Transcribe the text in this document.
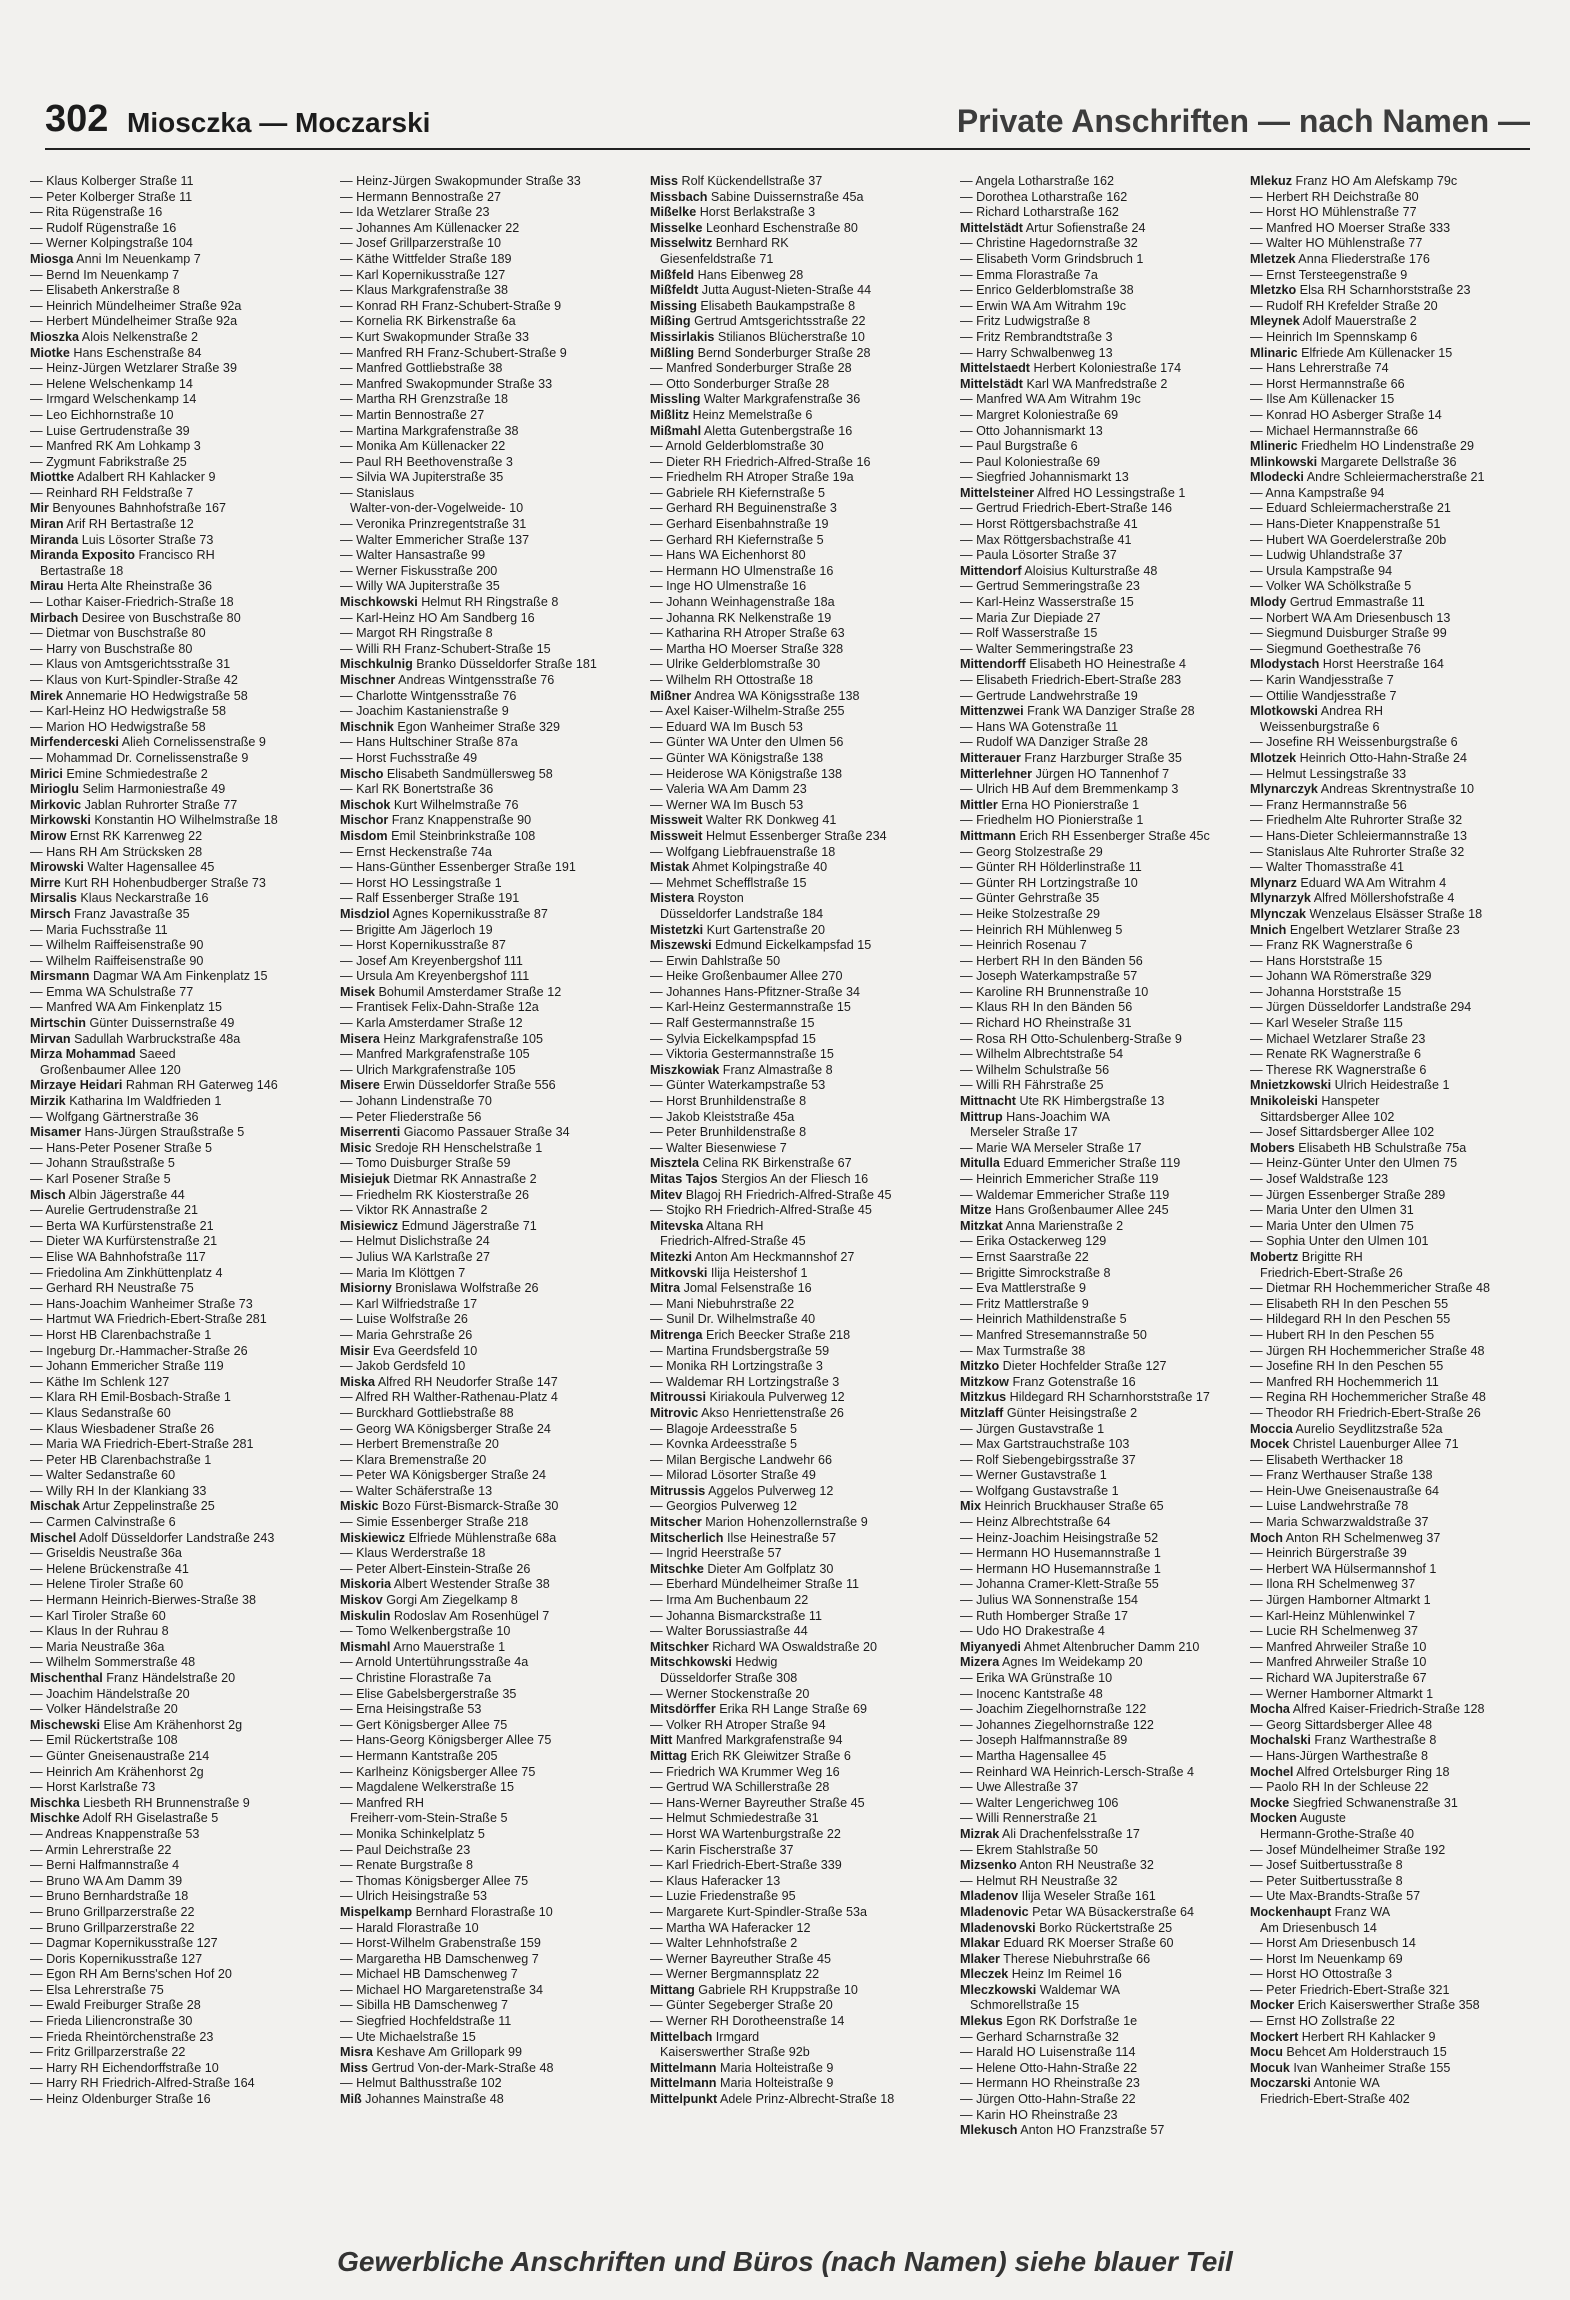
302 Miosczka — Moczarski	Private Anschriften — nach Namen —
— Klaus Kolberger Straße 11
— Peter Kolberger Straße 11
— Rita Rügenstraße 16
— Rudolf Rügenstraße 16
— Werner Kolpingstraße 104
Miosga Anni Im Neuenkamp 7
— Bernd Im Neuenkamp 7
— Elisabeth Ankerstraße 8
— Heinrich Mündelheimer Straße 92a
— Herbert Mündelheimer Straße 92a
Mioszka Alois Nelkenstraße 2
Miotke Hans Eschenstraße 84
— Heinz-Jürgen Wetzlarer Straße 39
— Helene Welschenkamp 14
— Irmgard Welschenkamp 14
— Leo Eichhornstraße 10
— Luise Gertrudenstraße 39
— Manfred RK Am Lohkamp 3
— Zygmunt Fabrikstraße 25
Miottke Adalbert RH Kahlacker 9
— Reinhard RH Feldstraße 7
Mir Benyounes Bahnhofstraße 167
Miran Arif RH Bertastraße 12
Miranda Luis Lösorter Straße 73
Miranda Exposito Francisco RH
Bertastraße 18
Mirau Herta Alte Rheinstraße 36
— Lothar Kaiser-Friedrich-Straße 18
Mirbach Desiree von Buschstraße 80
— Dietmar von Buschstraße 80
— Harry von Buschstraße 80
— Klaus von Amtsgerichtsstraße 31
— Klaus von Kurt-Spindler-Straße 42
Mirek Annemarie HO Hedwigstraße 58
— Karl-Heinz HO Hedwigstraße 58
— Marion HO Hedwigstraße 58
Mirfenderceski Alieh Cornelissenstraße 9
— Mohammad Dr. Cornelissenstraße 9
Mirici Emine Schmiedestraße 2
Mirioglu Selim Harmoniestraße 49
Mirkovic Jablan Ruhrorter Straße 77
Mirkowski Konstantin HO Wilhelmstraße 18
Mirow Ernst RK Karrenweg 22
— Hans RH Am Strücksken 28
Mirowski Walter Hagensallee 45
Mirre Kurt RH Hohenbudberger Straße 73
Mirsalis Klaus Neckarstraße 16
Mirsch Franz Javastraße 35
— Maria Fuchsstraße 11
— Wilhelm Raiffeisenstraße 90
— Wilhelm Raiffeisenstraße 90
Mirsmann Dagmar WA Am Finkenplatz 15
— Emma WA Schulstraße 77
— Manfred WA Am Finkenplatz 15
Mirtschin Günter Duissernstraße 49
Mirvan Sadullah Warbruckstraße 48a
Mirza Mohammad Saeed
Großenbaumer Allee 120
Mirzaye Heidari Rahman RH Gaterweg 146
Mirzik Katharina Im Waldfrieden 1
— Wolfgang Gärtnerstraße 36
Misamer Hans-Jürgen Straußstraße 5
— Hans-Peter Posener Straße 5
— Johann Straußstraße 5
— Karl Posener Straße 5
Misch Albin Jägerstraße 44
— Aurelie Gertrudenstraße 21
— Berta WA Kurfürstenstraße 21
— Dieter WA Kurfürstenstraße 21
— Elise WA Bahnhofstraße 117
— Friedolina Am Zinkhüttenplatz 4
— Gerhard RH Neustraße 75
— Hans-Joachim Wanheimer Straße 73
— Hartmut WA Friedrich-Ebert-Straße 281
— Horst HB Clarenbachstraße 1
— Ingeburg Dr.-Hammacher-Straße 26
— Johann Emmericher Straße 119
— Käthe Im Schlenk 127
— Klara RH Emil-Bosbach-Straße 1
— Klaus Sedanstraße 60
— Klaus Wiesbadener Straße 26
— Maria WA Friedrich-Ebert-Straße 281
— Peter HB Clarenbachstraße 1
— Walter Sedanstraße 60
— Willy RH In der Klankiang 33
Mischak Artur Zeppelinstraße 25
— Carmen Calvinstraße 6
Mischel Adolf Düsseldorfer Landstraße 243
— Griseldis Neustraße 36a
— Helene Brückenstraße 41
— Helene Tiroler Straße 60
— Hermann Heinrich-Bierwes-Straße 38
— Karl Tiroler Straße 60
— Klaus In der Ruhrau 8
— Maria Neustraße 36a
— Wilhelm Sommerstraße 48
Mischenthal Franz Händelstraße 20
— Joachim Händelstraße 20
— Volker Händelstraße 20
Mischewski Elise Am Krähenhorst 2g
— Emil Rückertstraße 108
— Günter Gneisenaustraße 214
— Heinrich Am Krähenhorst 2g
— Horst Karlstraße 73
Mischka Liesbeth RH Brunnenstraße 9
Mischke Adolf RH Giselastraße 5
— Andreas Knappenstraße 53
— Armin Lehrerstraße 22
— Berni Halfmannstraße 4
— Bruno WA Am Damm 39
— Bruno Bernhardstraße 18
— Bruno Grillparzerstraße 22
— Bruno Grillparzerstraße 22
— Dagmar Kopernikusstraße 127
— Doris Kopernikusstraße 127
— Egon RH Am Berns'schen Hof 20
— Elsa Lehrerstraße 75
— Ewald Freiburger Straße 28
— Frieda Liliencronstraße 30
— Frieda Rheintörchenstraße 23
— Fritz Grillparzerstraße 22
— Harry RH Eichendorffstraße 10
— Harry RH Friedrich-Alfred-Straße 164
— Heinz Oldenburger Straße 16
— Heinz-Jürgen Swakopmunder Straße 33
— Hermann Bennostraße 27
— Ida Wetzlarer Straße 23
— Johannes Am Küllenacker 22
— Josef Grillparzerstraße 10
— Käthe Wittfelder Straße 189
— Karl Kopernikusstraße 127
— Klaus Markgrafenstraße 38
— Konrad RH Franz-Schubert-Straße 9
— Kornelia RK Birkenstraße 6a
— Kurt Swakopmunder Straße 33
— Manfred RH Franz-Schubert-Straße 9
— Manfred Gottliebstraße 38
— Manfred Swakopmunder Straße 33
— Martha RH Grenzstraße 18
— Martin Bennostraße 27
— Martina Markgrafenstraße 38
— Monika Am Küllenacker 22
— Paul RH Beethovenstraße 3
— Silvia WA Jupiterstraße 35
— Stanislaus
Walter-von-der-Vogelweide- 10
— Veronika Prinzregentstraße 31
— Walter Emmericher Straße 137
— Walter Hansastraße 99
— Werner Fiskusstraße 200
— Willy WA Jupiterstraße 35
Mischkowski Helmut RH Ringstraße 8
— Karl-Heinz HO Am Sandberg 16
— Margot RH Ringstraße 8
— Willi RH Franz-Schubert-Straße 15
Mischkulnig Branko Düsseldorfer Straße 181
Mischner Andreas Wintgensstraße 76
— Charlotte Wintgensstraße 76
— Joachim Kastanienstraße 9
Mischnik Egon Wanheimer Straße 329
— Hans Hultschiner Straße 87a
— Horst Fuchsstraße 49
Mischo Elisabeth Sandmüllersweg 58
— Karl RK Bonertstraße 36
Mischok Kurt Wilhelmstraße 76
Mischor Franz Knappenstraße 90
Misdom Emil Steinbrinkstraße 108
— Ernst Heckenstraße 74a
— Hans-Günther Essenberger Straße 191
— Horst HO Lessingstraße 1
— Ralf Essenberger Straße 191
Misdziol Agnes Kopernikusstraße 87
— Brigitte Am Jägerloch 19
— Horst Kopernikusstraße 87
— Josef Am Kreyenbergshof 111
— Ursula Am Kreyenbergshof 111
Misek Bohumil Amsterdamer Straße 12
— Frantisek Felix-Dahn-Straße 12a
— Karla Amsterdamer Straße 12
Misera Heinz Markgrafenstraße 105
— Manfred Markgrafenstraße 105
— Ulrich Markgrafenstraße 105
Misere Erwin Düsseldorfer Straße 556
— Johann Lindenstraße 70
— Peter Fliederstraße 56
Miserrenti Giacomo Passauer Straße 34
Misic Sredoje RH Henschelstraße 1
— Tomo Duisburger Straße 59
Misiejuk Dietmar RK Annastraße 2
— Friedhelm RK Kiosterstraße 26
— Viktor RK Annastraße 2
Misiewicz Edmund Jägerstraße 71
— Helmut Dislichstraße 24
— Julius WA Karlstraße 27
— Maria Im Klöttgen 7
Misiorny Bronislawa Wolfstraße 26
— Karl Wilfriedstraße 17
— Luise Wolfstraße 26
— Maria Gehrstraße 26
Misir Eva Geerdsfeld 10
— Jakob Gerdsfeld 10
Miska Alfred RH Neudorfer Straße 147
— Alfred RH Walther-Rathenau-Platz 4
— Burckhard Gottliebstraße 88
— Georg WA Königsberger Straße 24
— Herbert Bremenstraße 20
— Klara Bremenstraße 20
— Peter WA Königsberger Straße 24
— Walter Schäferstraße 13
Miskic Bozo Fürst-Bismarck-Straße 30
— Simie Essenberger Straße 218
Miskiewicz Elfriede Mühlenstraße 68a
— Klaus Werderstraße 18
— Peter Albert-Einstein-Straße 26
Miskoria Albert Westender Straße 38
Miskov Gorgi Am Ziegelkamp 8
Miskulin Rodoslav Am Rosenhügel 7
— Tomo Welkenbergstraße 10
Mismahl Arno Mauerstraße 1
— Arnold Untertührungsstraße 4a
— Christine Florastraße 7a
— Elise Gabelsbergerstraße 35
— Erna Heisingstraße 53
— Gert Königsberger Allee 75
— Hans-Georg Königsberger Allee 75
— Hermann Kantstraße 205
— Karlheinz Königsberger Allee 75
— Magdalene Welkerstraße 15
— Manfred RH
Freiherr-vom-Stein-Straße 5
— Monika Schinkelplatz 5
— Paul Deichstraße 23
— Renate Burgstraße 8
— Thomas Königsberger Allee 75
— Ulrich Heisingstraße 53
Mispelkamp Bernhard Florastraße 10
— Harald Florastraße 10
— Horst-Wilhelm Grabenstraße 159
— Margaretha HB Damschenweg 7
— Michael HB Damschenweg 7
— Michael HO Margaretenstraße 34
— Sibilla HB Damschenweg 7
— Siegfried Hochfeldstraße 11
— Ute Michaelstraße 15
Misra Keshave Am Grillopark 99
Miss Gertrud Von-der-Mark-Straße 48
— Helmut Balthusstraße 102
Miß Johannes Mainstraße 48
Miss Rolf Kückendellstraße 37
Missbach Sabine Duissernstraße 45a
Mißelke Horst Berlakstraße 3
Misselke Leonhard Eschenstraße 80
Misselwitz Bernhard RK
Giesenfeldstraße 71
Mißfeld Hans Eibenweg 28
Mißfeldt Jutta August-Nieten-Straße 44
Missing Elisabeth Baukampstraße 8
Mißing Gertrud Amtsgerichtsstraße 22
Missirlakis Stilianos Blücherstraße 10
Mißling Bernd Sonderburger Straße 28
— Manfred Sonderburger Straße 28
— Otto Sonderburger Straße 28
Missling Walter Markgrafenstraße 36
Mißlitz Heinz Memelstraße 6
Mißmahl Aletta Gutenbergstraße 16
— Arnold Gelderblomstraße 30
— Dieter RH Friedrich-Alfred-Straße 16
— Friedhelm RH Atroper Straße 19a
— Gabriele RH Kiefernstraße 5
— Gerhard RH Beguinenstraße 3
— Gerhard Eisenbahnstraße 19
— Gerhard RH Kiefernstraße 5
— Hans WA Eichenhorst 80
— Hermann HO Ulmenstraße 16
— Inge HO Ulmenstraße 16
— Johann Weinhagenstraße 18a
— Johanna RK Nelkenstraße 19
— Katharina RH Atroper Straße 63
— Martha HO Moerser Straße 328
— Ulrike Gelderblomstraße 30
— Wilhelm RH Ottostraße 18
Mißner Andrea WA Königsstraße 138
— Axel Kaiser-Wilhelm-Straße 255
— Eduard WA Im Busch 53
— Günter WA Unter den Ulmen 56
— Günter WA Königstraße 138
— Heiderose WA Königstraße 138
— Valeria WA Am Damm 23
— Werner WA Im Busch 53
Missweit Walter RK Donkweg 41
Missweit Helmut Essenberger Straße 234
— Wolfgang Liebfrauenstraße 18
Mistak Ahmet Kolpingstraße 40
— Mehmet Schefflstraße 15
Mistera Royston
Düsseldorfer Landstraße 184
Mistetzki Kurt Gartenstraße 20
Miszewski Edmund Eickelkampsfad 15
— Erwin Dahlstraße 50
— Heike Großenbaumer Allee 270
— Johannes Hans-Pfitzner-Straße 34
— Karl-Heinz Gestermannstraße 15
— Ralf Gestermannstraße 15
— Sylvia Eickelkampspfad 15
— Viktoria Gestermannstraße 15
Miszkowiak Franz Almastraße 8
— Günter Waterkampstraße 53
— Horst Brunhildenstraße 8
— Jakob Kleiststraße 45a
— Peter Brunhildenstraße 8
— Walter Biesenwiese 7
Misztela Celina RK Birkenstraße 67
Mitas Tajos Stergios An der Fliesch 16
Mitev Blagoj RH Friedrich-Alfred-Straße 45
— Stojko RH Friedrich-Alfred-Straße 45
Mitevska Altana RH
Friedrich-Alfred-Straße 45
Mitezki Anton Am Heckmannshof 27
Mitkovski Ilija Heistershof 1
Mitra Jomal Felsenstraße 16
— Mani Niebuhrstraße 22
— Sunil Dr. Wilhelmstraße 40
Mitrenga Erich Beecker Straße 218
— Martina Frundsbergstraße 59
— Monika RH Lortzingstraße 3
— Waldemar RH Lortzingstraße 3
Mitroussi Kiriakoula Pulverweg 12
Mitrovic Akso Henriettenstraße 26
— Blagoje Ardeesstraße 5
— Kovnka Ardeesstraße 5
— Milan Bergische Landwehr 66
— Milorad Lösorter Straße 49
Mitrussis Aggelos Pulverweg 12
— Georgios Pulverweg 12
Mitscher Marion Hohenzollernstraße 9
Mitscherlich Ilse Heinestraße 57
— Ingrid Heerstraße 57
Mitschke Dieter Am Golfplatz 30
— Eberhard Mündelheimer Straße 11
— Irma Am Buchenbaum 22
— Johanna Bismarckstraße 11
— Walter Borussiastraße 44
Mitschker Richard WA Oswaldstraße 20
Mitschkowski Hedwig
Düsseldorfer Straße 308
— Werner Stockenstraße 20
Mitsdörffer Erika RH Lange Straße 69
— Volker RH Atroper Straße 94
Mitt Manfred Markgrafenstraße 94
Mittag Erich RK Gleiwitzer Straße 6
— Friedrich WA Krummer Weg 16
— Gertrud WA Schillerstraße 28
— Hans-Werner Bayreuther Straße 45
— Helmut Schmiedestraße 31
— Horst WA Wartenburgstraße 22
— Karin Fischerstraße 37
— Karl Friedrich-Ebert-Straße 339
— Klaus Haferacker 13
— Luzie Friedenstraße 95
— Margarete Kurt-Spindler-Straße 53a
— Martha WA Haferacker 12
— Walter Lehnhofstraße 2
— Werner Bayreuther Straße 45
— Werner Bergmannsplatz 22
Mittang Gabriele RH Kruppstraße 10
— Günter Segeberger Straße 20
— Werner RH Dorotheenstraße 14
Mittelbach Irmgard
Kaiserswerther Straße 92b
Mittelmann Maria Holteistraße 9
Mittelmann Maria Holteistraße 9
Mittelpunkt Adele Prinz-Albrecht-Straße 18
— Angela Lotharstraße 162
— Dorothea Lotharstraße 162
— Richard Lotharstraße 162
Mittelstädt Artur Sofienstraße 24
— Christine Hagedornstraße 32
— Elisabeth Vorm Grindsbruch 1
— Emma Florastraße 7a
— Enrico Gelderblomstraße 38
— Erwin WA Am Witrahm 19c
— Fritz Ludwigstraße 8
— Fritz Rembrandtstraße 3
— Harry Schwalbenweg 13
Mittelstaedt Herbert Koloniestraße 174
Mittelstädt Karl WA Manfredstraße 2
— Manfred WA Am Witrahm 19c
— Margret Koloniestraße 69
— Otto Johannismarkt 13
— Paul Burgstraße 6
— Paul Koloniestraße 69
— Siegfried Johannismarkt 13
Mittelsteiner Alfred HO Lessingstraße 1
— Gertrud Friedrich-Ebert-Straße 146
— Horst Röttgersbachstraße 41
— Max Röttgersbachstraße 41
— Paula Lösorter Straße 37
Mittendorf Aloisius Kulturstraße 48
— Gertrud Semmeringstraße 23
— Karl-Heinz Wasserstraße 15
— Maria Zur Diepiade 27
— Rolf Wasserstraße 15
— Walter Semmeringstraße 23
Mittendorff Elisabeth HO Heinestraße 4
— Elisabeth Friedrich-Ebert-Straße 283
— Gertrude Landwehrstraße 19
Mittenzwei Frank WA Danziger Straße 28
— Hans WA Gotenstraße 11
— Rudolf WA Danziger Straße 28
Mitterauer Franz Harzburger Straße 35
Mitterlehner Jürgen HO Tannenhof 7
— Ulrich HB Auf dem Bremmenkamp 3
Mittler Erna HO Pionierstraße 1
— Friedhelm HO Pionierstraße 1
Mittmann Erich RH Essenberger Straße 45c
— Georg Stolzestraße 29
— Günter RH Hölderlinstraße 11
— Günter RH Lortzingstraße 10
— Günter Gehrstraße 35
— Heike Stolzestraße 29
— Heinrich RH Mühlenweg 5
— Heinrich Rosenau 7
— Herbert RH In den Bänden 56
— Joseph Waterkampstraße 57
— Karoline RH Brunnenstraße 10
— Klaus RH In den Bänden 56
— Richard HO Rheinstraße 31
— Rosa RH Otto-Schulenberg-Straße 9
— Wilhelm Albrechtstraße 54
— Wilhelm Schulstraße 56
— Willi RH Fährstraße 25
Mittnacht Ute RK Himbergstraße 13
Mittrup Hans-Joachim WA
Merseler Straße 17
— Marie WA Merseler Straße 17
Mitulla Eduard Emmericher Straße 119
— Heinrich Emmericher Straße 119
— Waldemar Emmericher Straße 119
Mitze Hans Großenbaumer Allee 245
Mitzkat Anna Marienstraße 2
— Erika Ostackerweg 129
— Ernst Saarstraße 22
— Brigitte Simrockstraße 8
— Eva Mattlerstraße 9
— Fritz Mattlerstraße 9
— Heinrich Mathildenstraße 5
— Manfred Stresemannstraße 50
— Max Turmstraße 38
Mitzko Dieter Hochfelder Straße 127
Mitzkow Franz Gotenstraße 16
Mitzkus Hildegard RH Scharnhorststraße 17
Mitzlaff Günter Heisingstraße 2
— Jürgen Gustavstraße 1
— Max Gartstrauchstraße 103
— Rolf Siebengebirgsstraße 37
— Werner Gustavstraße 1
— Wolfgang Gustavstraße 1
Mix Heinrich Bruckhauser Straße 65
— Heinz Albrechtstraße 64
— Heinz-Joachim Heisingstraße 52
— Hermann HO Husemannstraße 1
— Hermann HO Husemannstraße 1
— Johanna Cramer-Klett-Straße 55
— Julius WA Sonnenstraße 154
— Ruth Homberger Straße 17
— Udo HO Drakestraße 4
Miyanyedi Ahmet Altenbrucher Damm 210
Mizera Agnes Im Weidekamp 20
— Erika WA Grünstraße 10
— Inocenc Kantstraße 48
— Joachim Ziegelhornstraße 122
— Johannes Ziegelhornstraße 122
— Joseph Halfmannstraße 89
— Martha Hagensallee 45
— Reinhard WA Heinrich-Lersch-Straße 4
— Uwe Allestraße 37
— Walter Lengerichweg 106
— Willi Rennerstraße 21
Mizrak Ali Drachenfelsstraße 17
— Ekrem Stahlstraße 50
Mizsenko Anton RH Neustraße 32
— Helmut RH Neustraße 32
Mladenov Ilija Weseler Straße 161
Mladenovic Petar WA Büsackerstraße 64
Mladenovski Borko Rückertstraße 25
Mlakar Eduard RK Moerser Straße 60
Mlaker Therese Niebuhrstraße 66
Mleczek Heinz Im Reimel 16
Mleczkowski Waldemar WA
Schmorellstraße 15
Mlekus Egon RK Dorfstraße 1e
— Gerhard Scharnstraße 32
— Harald HO Luisenstraße 114
— Helene Otto-Hahn-Straße 22
— Hermann HO Rheinstraße 23
— Jürgen Otto-Hahn-Straße 22
— Karin HO Rheinstraße 23
Mlekusch Anton HO Franzstraße 57
Mlekuz Franz HO Am Alefskamp 79c
— Herbert RH Deichstraße 80
— Horst HO Mühlenstraße 77
— Manfred HO Moerser Straße 333
— Walter HO Mühlenstraße 77
Mletzek Anna Fliederstraße 176
— Ernst Tersteegenstraße 9
Mletzko Elsa RH Scharnhorststraße 23
— Rudolf RH Krefelder Straße 20
Mleynek Adolf Mauerstraße 2
— Heinrich Im Spennskamp 6
Mlinaric Elfriede Am Küllenacker 15
— Hans Lehrerstraße 74
— Horst Hermannstraße 66
— Ilse Am Küllenacker 15
— Konrad HO Asberger Straße 14
— Michael Hermannstraße 66
Mlineric Friedhelm HO Lindenstraße 29
Mlinkowski Margarete Dellstraße 36
Mlodecki Andre Schleiermacherstraße 21
— Anna Kampstraße 94
— Eduard Schleiermacherstraße 21
— Hans-Dieter Knappenstraße 51
— Hubert WA Goerdelerstraße 20b
— Ludwig Uhlandstraße 37
— Ursula Kampstraße 94
— Volker WA Schölkstraße 5
Mlody Gertrud Emmastraße 11
— Norbert WA Am Driesenbusch 13
— Siegmund Duisburger Straße 99
— Siegmund Goethestraße 76
Mlodystach Horst Heerstraße 164
— Karin Wandjesstraße 7
— Ottilie Wandjesstraße 7
Mlotkowski Andrea RH
Weissenburgstraße 6
— Josefine RH Weissenburgstraße 6
Mlotzek Heinrich Otto-Hahn-Straße 24
— Helmut Lessingstraße 33
Mlynarczyk Andreas Skrentnystraße 10
— Franz Hermannstraße 56
— Friedhelm Alte Ruhrorter Straße 32
— Hans-Dieter Schleiermannstraße 13
— Stanislaus Alte Ruhrorter Straße 32
— Walter Thomasstraße 41
Mlynarz Eduard WA Am Witrahm 4
Mlynarzyk Alfred Möllershofstraße 4
Mlynczak Wenzelaus Elsässer Straße 18
Mnich Engelbert Wetzlarer Straße 23
— Franz RK Wagnerstraße 6
— Hans Horststraße 15
— Johann WA Römerstraße 329
— Johanna Horststraße 15
— Jürgen Düsseldorfer Landstraße 294
— Karl Weseler Straße 115
— Michael Wetzlarer Straße 23
— Renate RK Wagnerstraße 6
— Therese RK Wagnerstraße 6
Mnietzkowski Ulrich Heidestraße 1
Mnikoleiski Hanspeter
Sittardsberger Allee 102
— Josef Sittardsberger Allee 102
Mobers Elisabeth HB Schulstraße 75a
— Heinz-Günter Unter den Ulmen 75
— Josef Waldstraße 123
— Jürgen Essenberger Straße 289
— Maria Unter den Ulmen 31
— Maria Unter den Ulmen 75
— Sophia Unter den Ulmen 101
Mobertz Brigitte RH
Friedrich-Ebert-Straße 26
— Dietmar RH Hochemmericher Straße 48
— Elisabeth RH In den Peschen 55
— Hildegard RH In den Peschen 55
— Hubert RH In den Peschen 55
— Jürgen RH Hochemmericher Straße 48
— Josefine RH In den Peschen 55
— Manfred RH Hochemmerich 11
— Regina RH Hochemmericher Straße 48
— Theodor RH Friedrich-Ebert-Straße 26
Moccia Aurelio Seydlitzstraße 52a
Mocek Christel Lauenburger Allee 71
— Elisabeth Werthacker 18
— Franz Werthauser Straße 138
— Hein-Uwe Gneisenaustraße 64
— Luise Landwehrstraße 78
— Maria Schwarzwaldstraße 37
Moch Anton RH Schelmenweg 37
— Heinrich Bürgerstraße 39
— Herbert WA Hülsermannshof 1
— Ilona RH Schelmenweg 37
— Jürgen Hamborner Altmarkt 1
— Karl-Heinz Mühlenwinkel 7
— Lucie RH Schelmenweg 37
— Manfred Ahrweiler Straße 10
— Manfred Ahrweiler Straße 10
— Richard WA Jupiterstraße 67
— Werner Hamborner Altmarkt 1
Mocha Alfred Kaiser-Friedrich-Straße 128
— Georg Sittardsberger Allee 48
Mochalski Franz Warthestraße 8
— Hans-Jürgen Warthestraße 8
Mochel Alfred Ortelsburger Ring 18
— Paolo RH In der Schleuse 22
Mocke Siegfried Schwanenstraße 31
Mocken Auguste
Hermann-Grothe-Straße 40
— Josef Mündelheimer Straße 192
— Josef Suitbertusstraße 8
— Peter Suitbertusstraße 8
— Ute Max-Brandts-Straße 57
Mockenhaupt Franz WA
Am Driesenbusch 14
— Horst Am Driesenbusch 14
— Horst Im Neuenkamp 69
— Horst HO Ottostraße 3
— Peter Friedrich-Ebert-Straße 321
Mocker Erich Kaiserswerther Straße 358
— Ernst HO Zollstraße 22
Mockert Herbert RH Kahlacker 9
Mocu Behcet Am Holderstrauch 15
Mocuk Ivan Wanheimer Straße 155
Moczarski Antonie WA
Friedrich-Ebert-Straße 402
Gewerbliche Anschriften und Büros (nach Namen) siehe blauer Teil
